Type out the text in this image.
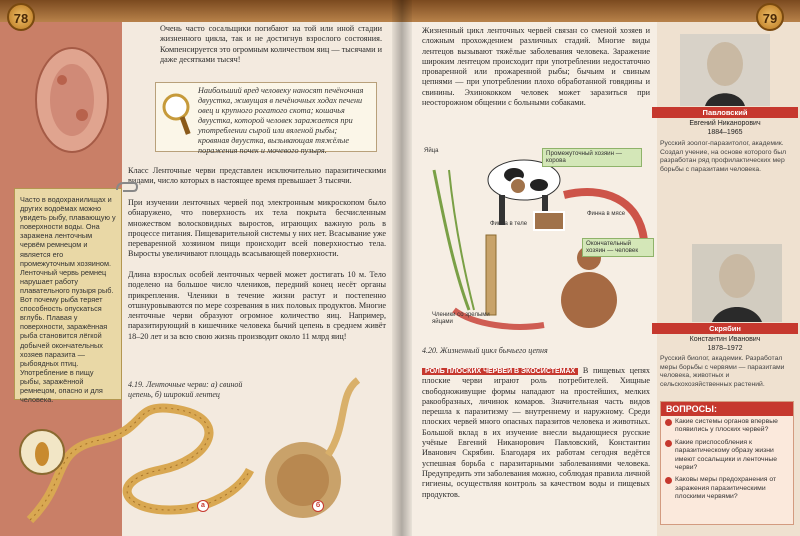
78
Очень часто сосальщики погибают на той или иной стадии жизненного цикла, так и не достигнув взрослого состояния. Компенсируется это огромным количеством яиц — тысячами и даже десятками тысяч!
Наибольший вред человеку наносят печёночная двуустка, живущая в печёночных ходах печени овец и крупного рогатого скота; кошачья двуустка, которой человек заражается при употреблении сырой или вяленой рыбы; кровяная двуустка, вызывающая тяжёлые поражения почек и мочевого пузыря.
Класс Ленточные черви представлен исключительно паразитическими видами, число которых в настоящее время превышает 3 тысячи.
При изучении ленточных червей под электронным микроскопом было обнаружено, что поверхность их тела покрыта бесчисленным множеством волосковидных выростов, играющих важную роль в процессе питания. Пищеварительной системы у них нет. Всасывание уже переваренной хозяином пищи происходит всей поверхностью тела. Выросты увеличивают площадь всасывающей поверхности.
Длина взрослых особей ленточных червей может достигать 10 м. Тело поделено на большое число члеников, передний конец несёт органы прикрепления. Членики в течение жизни растут и постепенно отшнуровываются по мере созревания в них половых продуктов. Многие ленточные черви образуют огромное количество яиц. Например, паразитирующий в кишечнике человека бычий цепень в среднем живёт 18–20 лет и за всю свою жизнь производит около 11 млрд яиц!
Часто в водохранилищах и других водоёмах можно увидеть рыбу, плавающую у поверхности воды. Она заражена ленточным червём ремнецом и является его промежуточным хозяином. Ленточный червь ремнец нарушает работу плавательного пузыря рыб. Вот почему рыба теряет способность опускаться вглубь. Плавая у поверхности, заражённая рыба становится лёгкой добычей окончательных хозяев паразита — рыбоядных птиц. Употребление в пищу рыбы, заражённой ремнецом, опасно и для человека.
4.19. Ленточные черви: а) свиной цепень, б) широкий лентец
а	б
79
Жизненный цикл ленточных червей связан со сменой хозяев и сложным прохождением различных стадий. Многие виды лентецов вызывают тяжёлые заболевания человека. Заражение широким лентецом происходит при употреблении недостаточно проваренной или прожаренной рыбы; бычьим и свиным цепнями — при употреблении плохо обработанной говядины и свинины. Эхинококком человек может заразиться при неосторожном общении с больными собаками.
Яйца	Промежуточный хозяин — корова
Финна в теле
Финна в мясе
Окончательный хозяин — человек
Членики со зрелыми яйцами
4.20. Жизненный цикл бычьего цепня
РОЛЬ ПЛОСКИХ ЧЕРВЕЙ В ЭКОСИСТЕМАХ В пищевых цепях плоские черви играют роль потребителей. Хищные свободноживущие формы нападают на простейших, мелких ракообразных, личинок комаров. Значительная часть видов перешла к паразитизму — внутреннему и наружному. Среди плоских червей много опасных паразитов человека и животных. Большой вклад в их изучение внесли выдающиеся русские учёные Евгений Никанорович Павловский, Константин Иванович Скрябин. Благодаря их работам сегодня ведётся успешная борьба с паразитарными заболеваниями человека. Предупредить эти заболевания можно, соблюдая правила личной гигиены, осуществляя контроль за качеством воды и пищевых продуктов.
Павловский
Евгений Никанорович
1884–1965
Русский зоолог-паразитолог, академик. Создал учение, на основе которого был разработан ряд профилактических мер борьбы с паразитами человека.
Скрябин
Константин Иванович
1878–1972
Русский биолог, академик. Разработал меры борьбы с червями — паразитами человека, животных и сельскохозяйственных растений.
ВОПРОСЫ:
Какие системы органов впервые появились у плоских червей?
Какие приспособления к паразитическому образу жизни имеют сосальщики и ленточные черви?
Каковы меры предохранения от заражения паразитическими плоскими червями?
